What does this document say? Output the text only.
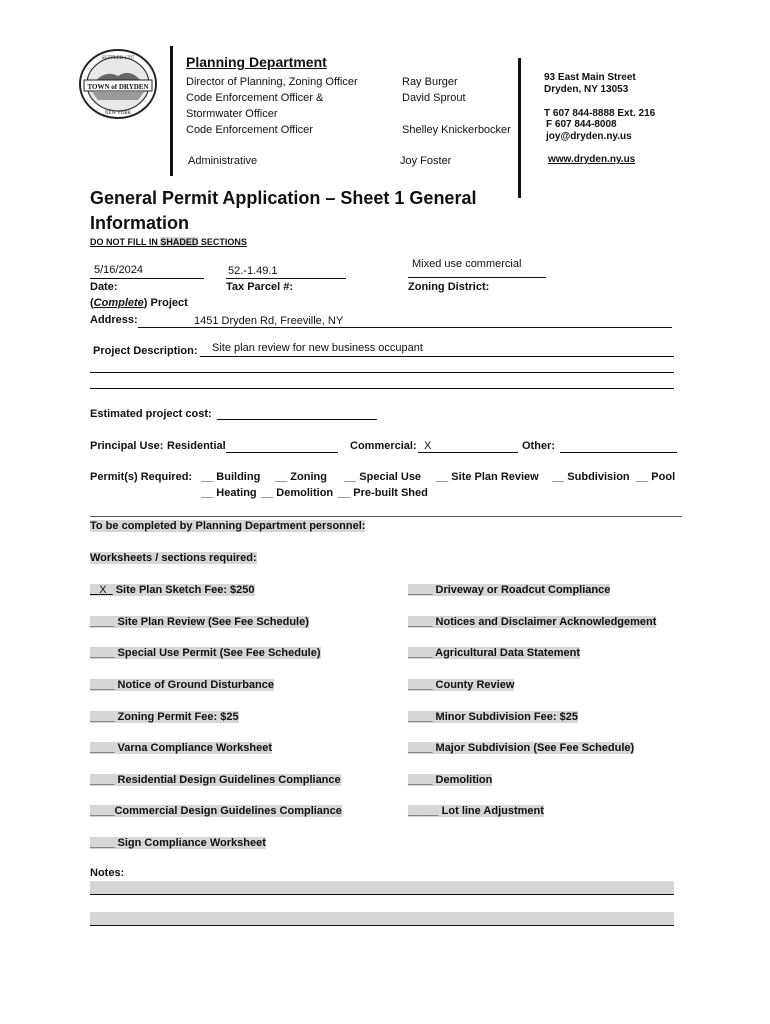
TOWN of DRYDEN
SETTLED 1797
NEW YORK
Planning Department
Director of Planning, Zoning Officer	Ray Burger
Code Enforcement Officer &	David Sprout
Stormwater Officer
Code Enforcement Officer	Shelley Knickerbocker
Administrative	Joy Foster
93 East Main Street
Dryden, NY 13053
T 607 844-8888 Ext. 216
F 607 844-8008
joy@dryden.ny.us
www.dryden.ny.us
General Permit Application – Sheet 1 General
Information
DO NOT FILL IN SHADED SECTIONS
5/16/2024
Date:
52.-1.49.1
Tax Parcel #:
Mixed use commercial
Zoning District:
(Complete) Project
Address:	1451 Dryden Rd, Freeville, NY
Project Description: Site plan review for new business occupant
Estimated project cost:
Principal Use: Residential	Commercial: X	Other:
Permit(s) Required: __ Building __ Zoning __ Special Use __ Site Plan Review __ Subdivision __ Pool
__ Heating __ Demolition __ Pre-built Shed
To be completed by Planning Department personnel:
Worksheets / sections required:
_X_ Site Plan Sketch Fee: $250
____ Site Plan Review (See Fee Schedule)
____ Special Use Permit (See Fee Schedule)
____ Notice of Ground Disturbance
____ Zoning Permit Fee: $25
____ Varna Compliance Worksheet
____ Residential Design Guidelines Compliance
____Commercial Design Guidelines Compliance
____ Sign Compliance Worksheet
____ Driveway or Roadcut Compliance
____ Notices and Disclaimer Acknowledgement
____ Agricultural Data Statement
____ County Review
____ Minor Subdivision Fee: $25
____ Major Subdivision (See Fee Schedule)
____ Demolition
_____ Lot line Adjustment
Notes:
